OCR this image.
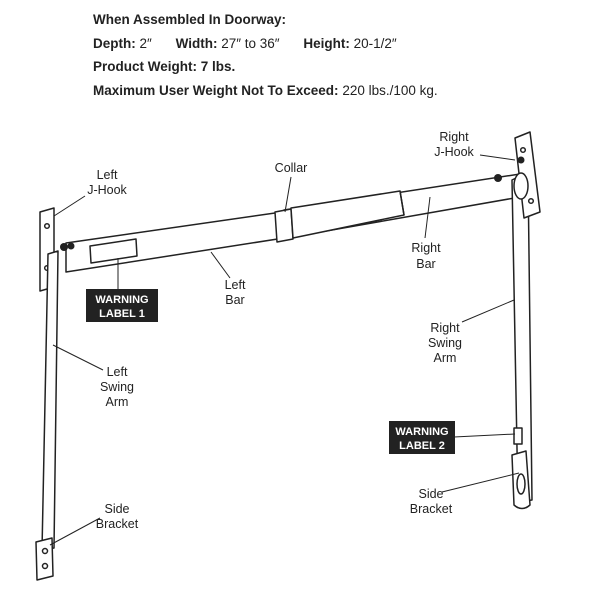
When Assembled In Doorway:
Depth: 2″ Width: 27″ to 36″ Height: 20-1/2″
Product Weight: 7 lbs.
Maximum User Weight Not To Exceed: 220 lbs./100 kg.
Left
J-Hook
Collar
Right
J-Hook
Right
Bar
Left
Bar
Right
Swing
Arm
Left
Swing
Arm
Side
Bracket
Side
Bracket
WARNING
LABEL 1
WARNING
LABEL 2
